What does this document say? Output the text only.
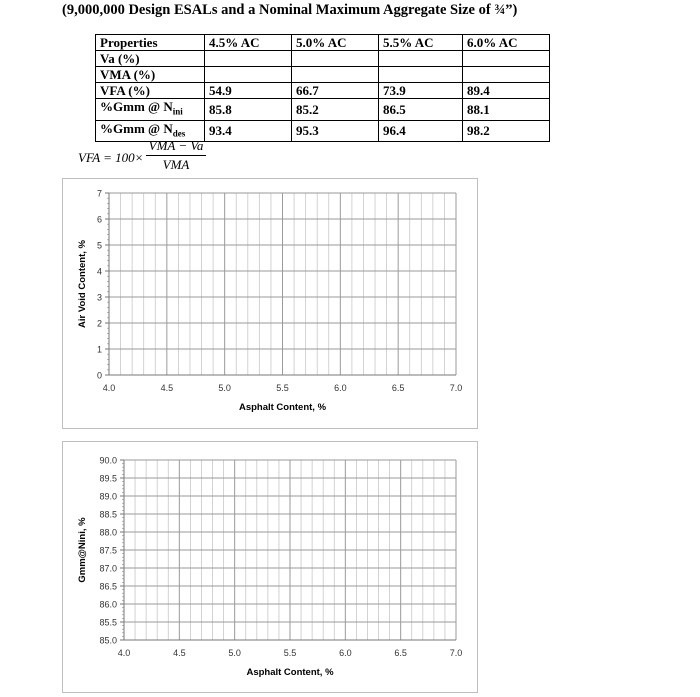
(9,000,000 Design ESALs and a Nominal Maximum Aggregate Size of ¾”)
Properties	4.5% AC	5.0% AC	5.5% AC	6.0% AC
Va (%)				
VMA (%)				
VFA (%)	54.9	66.7	73.9	89.4
%Gmm @ $N_{ini}$	85.8	85.2	86.5	88.1
%Gmm @ $N_{des}$	93.4	95.3	96.4	98.2
VFA = 100×
VMA − Va
VMA
0
1
2
3
4
5
6
7
4.0	4.5	5.0	5.5	6.0	6.5	7.0
Asphalt Content, %
Air Void Content, %
85.0
85.5
86.0
86.5
87.0
87.5
88.0
88.5
89.0
89.5
90.0
4.0	4.5	5.0	5.5	6.0	6.5	7.0
Asphalt Content, %
Gmm@Nini, %
